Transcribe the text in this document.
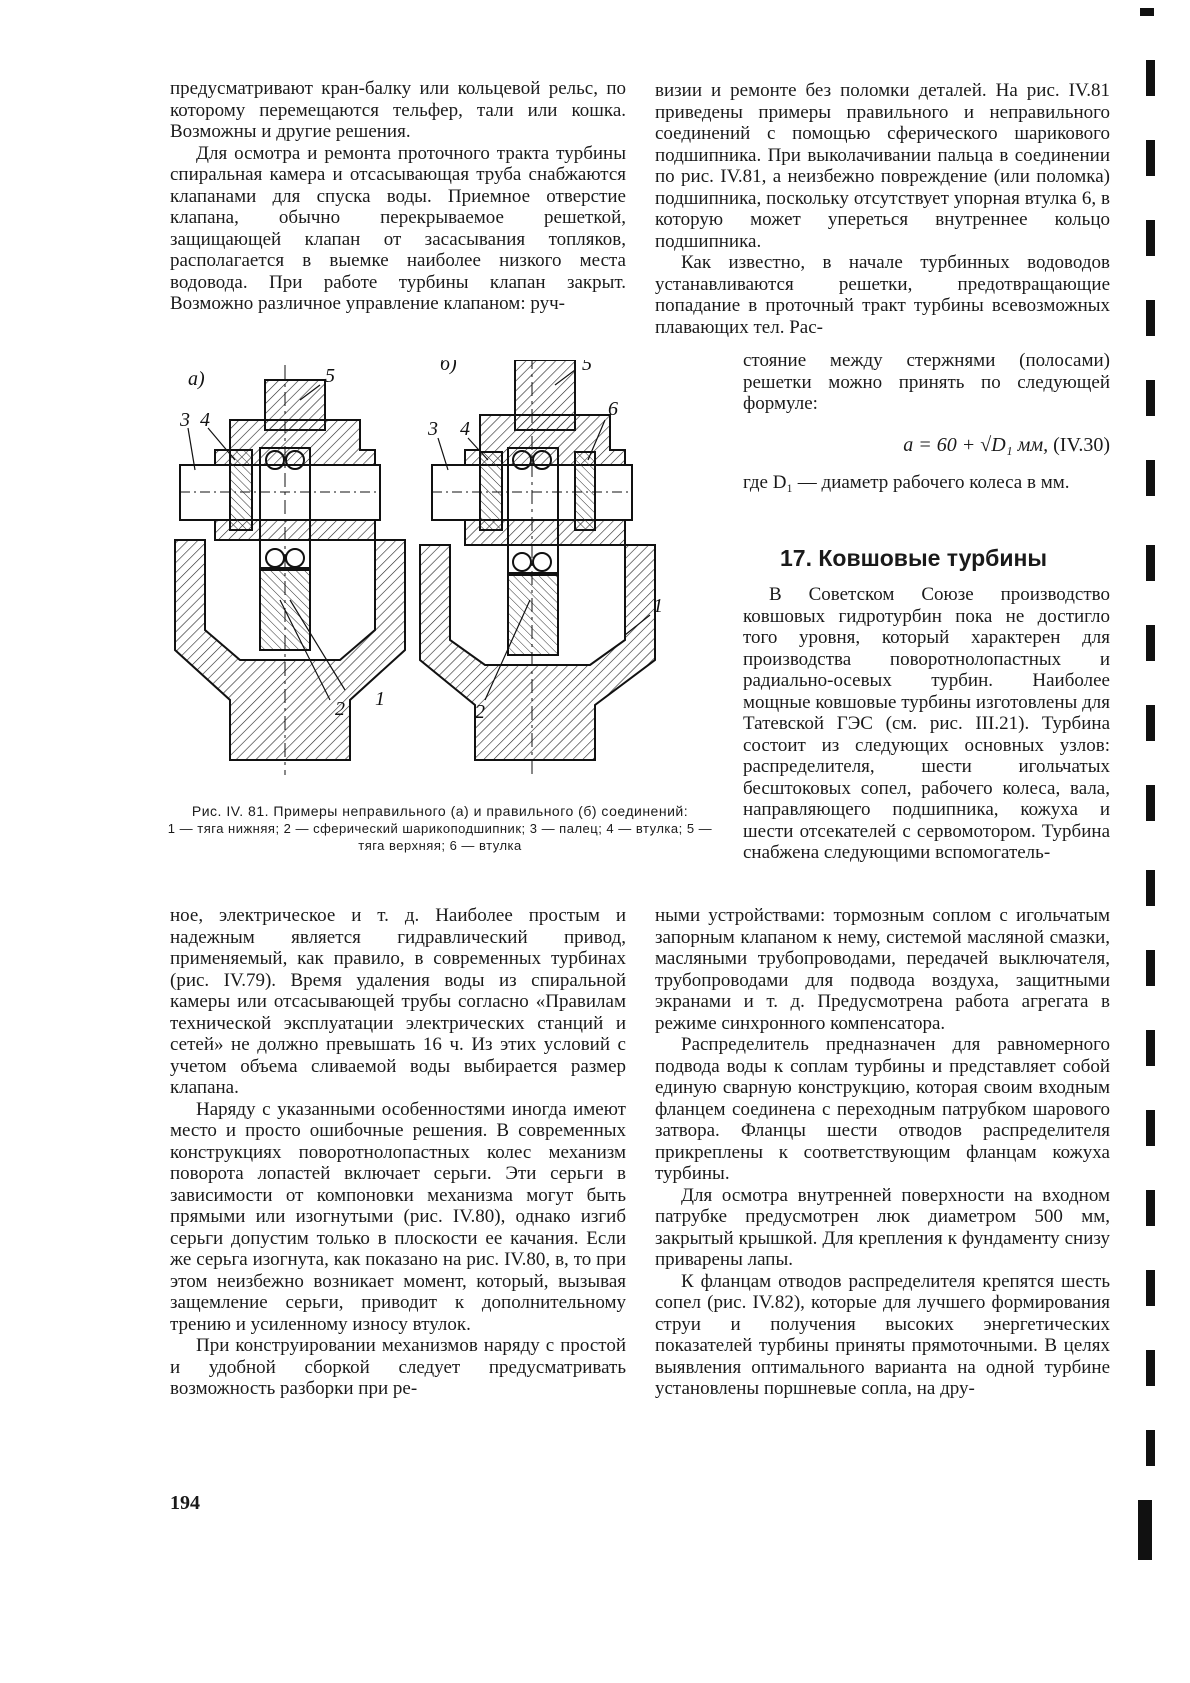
предусматривают кран-балку или кольцевой рельс, по которому перемещаются тельфер, тали или кошка. Возможны и другие решения.

Для осмотра и ремонта проточного тракта турбины спиральная камера и отсасывающая труба снабжаются клапанами для спуска воды. Приемное отверстие клапана, обычно перекрываемое решеткой, защищающей клапан от засасывания топляков, располагается в выемке наиболее низкого места водовода. При работе турбины клапан закрыт. Возможно различное управление клапаном: руч-

а)
б)
5
3 4
2 1
5
6
3 4
1
2
Рис. IV. 81. Примеры неправильного (а) и правильного (б) соединений:
1 — тяга нижняя; 2 — сферический шарикоподшипник; 3 — палец; 4 — втулка; 5 — тяга верхняя; 6 — втулка

ное, электрическое и т. д. Наиболее простым и надежным является гидравлический привод, применяемый, как правило, в современных турбинах (рис. IV.79). Время удаления воды из спиральной камеры или отсасывающей трубы согласно «Правилам технической эксплуатации электрических станций и сетей» не должно превышать 16 ч. Из этих условий с учетом объема сливаемой воды выбирается размер клапана.

Наряду с указанными особенностями иногда имеют место и просто ошибочные решения. В современных конструкциях поворотнолопастных колес механизм поворота лопастей включает серьги. Эти серьги в зависимости от компоновки механизма могут быть прямыми или изогнутыми (рис. IV.80), однако изгиб серьги допустим только в плоскости ее качания. Если же серьга изогнута, как показано на рис. IV.80, в, то при этом неизбежно возникает момент, который, вызывая защемление серьги, приводит к дополнительному трению и усиленному износу втулок.

При конструировании механизмов наряду с простой и удобной сборкой следует предусматривать возможность разборки при ре-

визии и ремонте без поломки деталей. На рис. IV.81 приведены примеры правильного и неправильного соединений с помощью сферического шарикового подшипника. При выколачивании пальца в соединении по рис. IV.81, а неизбежно повреждение (или поломка) подшипника, поскольку отсутствует упорная втулка 6, в которую может упереться внутреннее кольцо подшипника.

Как известно, в начале турбинных водоводов устанавливаются решетки, предотвращающие попадание в проточный тракт турбины всевозможных плавающих тел. Рас-

стояние между стержнями (полосами) решетки можно принять по следующей формуле:

a = 60 + √D₁ мм, (IV.30)

где D₁ — диаметр рабочего колеса в мм.

17. Ковшовые турбины

В Советском Союзе производство ковшовых гидротурбин пока не достигло того уровня, который характерен для производства поворотнолопастных и радиально-осевых турбин. Наиболее мощные ковшовые турбины изготовлены для Татевской ГЭС (см. рис. III.21). Турбина состоит из следующих основных узлов: распределителя, шести игольчатых бесштоковых сопел, рабочего колеса, вала, направляющего подшипника, кожуха и шести отсекателей с сервомотором. Турбина снабжена следующими вспомогатель-

ными устройствами: тормозным соплом с игольчатым запорным клапаном к нему, системой масляной смазки, масляными трубопроводами, передачей выключателя, трубопроводами для подвода воздуха, защитными экранами и т. д. Предусмотрена работа агрегата в режиме синхронного компенсатора.

Распределитель предназначен для равномерного подвода воды к соплам турбины и представляет собой единую сварную конструкцию, которая своим входным фланцем соединена с переходным патрубком шарового затвора. Фланцы шести отводов распределителя прикреплены к соответствующим фланцам кожуха турбины.

Для осмотра внутренней поверхности на входном патрубке предусмотрен люк диаметром 500 мм, закрытый крышкой. Для крепления к фундаменту снизу приварены лапы.

К фланцам отводов распределителя крепятся шесть сопел (рис. IV.82), которые для лучшего формирования струи и получения высоких энергетических показателей турбины приняты прямоточными. В целях выявления оптимального варианта на одной турбине установлены поршневые сопла, на дру-

194
